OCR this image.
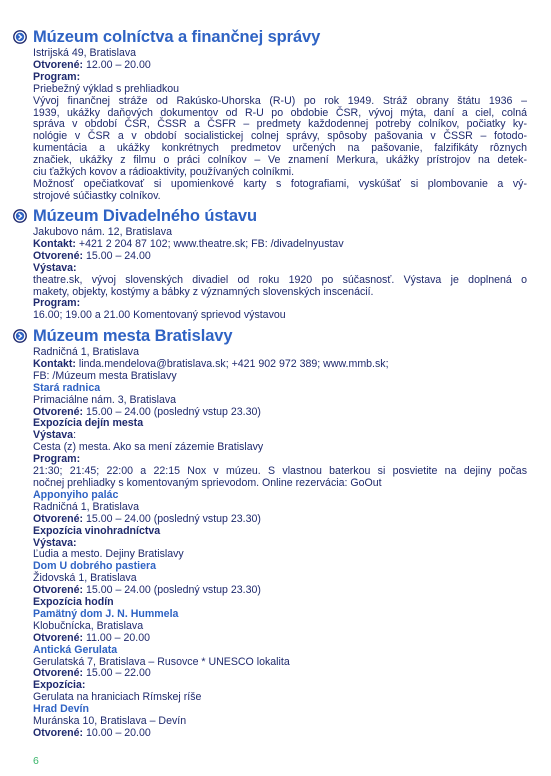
Múzeum colníctva a finančnej správy
Istrijská 49, Bratislava
Otvorené: 12.00 – 20.00
Program:
Priebežný výklad s prehliadkou
Vývoj finančnej stráže od Rakúsko-Uhorska (R-U) po rok 1949. Stráž obrany štátu 1936 –
1939, ukážky daňových dokumentov od R-U po obdobie ČSR, vývoj mýta, daní a ciel, colná
správa v období ČSR, ČSSR a ČSFR – predmety každodennej potreby colníkov, počiatky ky-
nológie v ČSR a v období socialistickej colnej správy, spôsoby pašovania v ČSSR – fotodo-
kumentácia a ukážky konkrétnych predmetov určených na pašovanie, falzifikáty rôznych
značiek, ukážky z filmu o práci colníkov – Ve znamení Merkura, ukážky prístrojov na detek-
ciu ťažkých kovov a rádioaktivity, používaných colníkmi.
Možnosť opečiatkovať si upomienkové karty s fotografiami, vyskúšať si plombovanie a vý-
strojové súčiastky colníkov.
Múzeum Divadelného ústavu
Jakubovo nám. 12, Bratislava
Kontakt: +421 2 204 87 102; www.theatre.sk; FB: /divadelnyustav
Otvorené: 15.00 – 24.00
Výstava:
theatre.sk, vývoj slovenských divadiel od roku 1920 po súčasnosť. Výstava je doplnená o
makety, objekty, kostýmy a bábky z významných slovenských inscenácií.
Program:
16.00; 19.00 a 21.00 Komentovaný sprievod výstavou
Múzeum mesta Bratislavy
Radničná 1, Bratislava
Kontakt: linda.mendelova@bratislava.sk; +421 902 972 389; www.mmb.sk;
FB: /Múzeum mesta Bratislavy
Stará radnica
Primaciálne nám. 3, Bratislava
Otvorené: 15.00 – 24.00 (posledný vstup 23.30)
Expozícia dejín mesta
Výstava:
Cesta (z) mesta. Ako sa mení zázemie Bratislavy
Program:
21:30; 21:45; 22:00 a 22:15 Nox v múzeu. S vlastnou baterkou si posvietite na dejiny počas
nočnej prehliadky s komentovaným sprievodom. Online rezervácia: GoOut
Apponyiho palác
Radničná 1, Bratislava
Otvorené: 15.00 – 24.00 (posledný vstup 23.30)
Expozícia vinohradníctva
Výstava:
Ľudia a mesto. Dejiny Bratislavy
Dom U dobrého pastiera
Židovská 1, Bratislava
Otvorené: 15.00 – 24.00 (posledný vstup 23.30)
Expozícia hodín
Pamätný dom J. N. Hummela
Klobučnícka, Bratislava
Otvorené: 11.00 – 20.00
Antická Gerulata
Gerulatská 7, Bratislava – Rusovce * UNESCO lokalita
Otvorené: 15.00 – 22.00
Expozícia:
Gerulata na hraniciach Rímskej ríše
Hrad Devín
Muránska 10, Bratislava – Devín
Otvorené: 10.00 – 20.00
6
